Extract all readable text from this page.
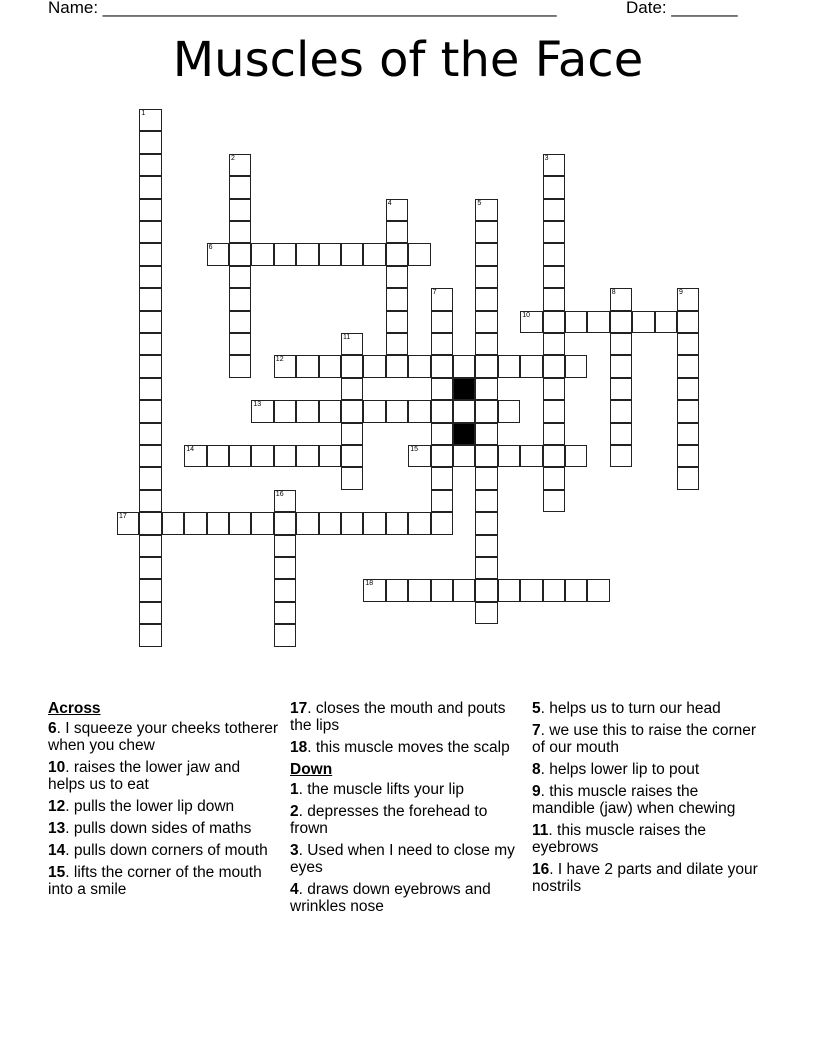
Name: ________________________________________________	Date: _______
Muscles of the Face
1
2	3
4	5
6
7	8	9
10
11
12
13
14	15
16
17
18
Across
6. I squeeze your cheeks totherer when you chew
10. raises the lower jaw and helps us to eat
12. pulls the lower lip down
13. pulls down sides of maths
14. pulls down corners of mouth
15. lifts the corner of the mouth into a smile
17. closes the mouth and pouts the lips
18. this muscle moves the scalp
Down
1. the muscle lifts your lip
2. depresses the forehead to frown
3. Used when I need to close my eyes
4. draws down eyebrows and wrinkles nose
5. helps us to turn our head
7. we use this to raise the corner of our mouth
8. helps lower lip to pout
9. this muscle raises the mandible (jaw) when chewing
11. this muscle raises the eyebrows
16. I have 2 parts and dilate your nostrils
